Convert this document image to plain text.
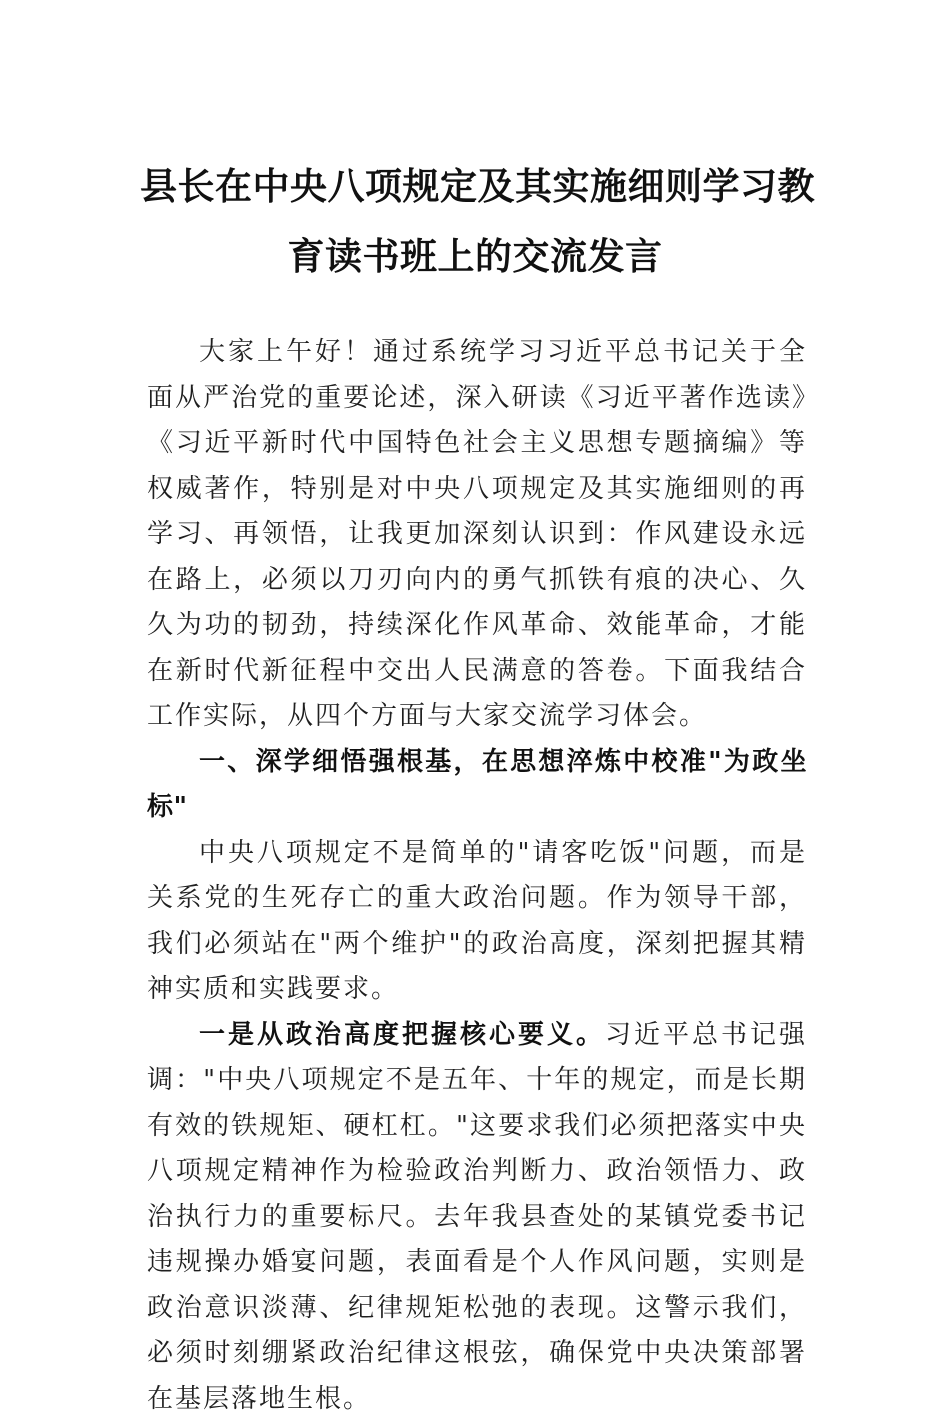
县长在中央八项规定及其实施细则学习教
育读书班上的交流发言

大家上午好！通过系统学习习近平总书记关于全面从严治党的重要论述，深入研读《习近平著作选读》《习近平新时代中国特色社会主义思想专题摘编》等权威著作，特别是对中央八项规定及其实施细则的再学习、再领悟，让我更加深刻认识到：作风建设永远在路上，必须以刀刃向内的勇气抓铁有痕的决心、久久为功的韧劲，持续深化作风革命、效能革命，才能在新时代新征程中交出人民满意的答卷。下面我结合工作实际，从四个方面与大家交流学习体会。

一、深学细悟强根基，在思想淬炼中校准"为政坐标"

中央八项规定不是简单的"请客吃饭"问题，而是关系党的生死存亡的重大政治问题。作为领导干部，我们必须站在"两个维护"的政治高度，深刻把握其精神实质和实践要求。

一是从政治高度把握核心要义。习近平总书记强调："中央八项规定不是五年、十年的规定，而是长期有效的铁规矩、硬杠杠。"这要求我们必须把落实中央八项规定精神作为检验政治判断力、政治领悟力、政治执行力的重要标尺。去年我县查处的某镇党委书记违规操办婚宴问题，表面看是个人作风问题，实则是政治意识淡薄、纪律规矩松弛的表现。这警示我们，必须时刻绷紧政治纪律这根弦，确保党中央决策部署在基层落地生根。
